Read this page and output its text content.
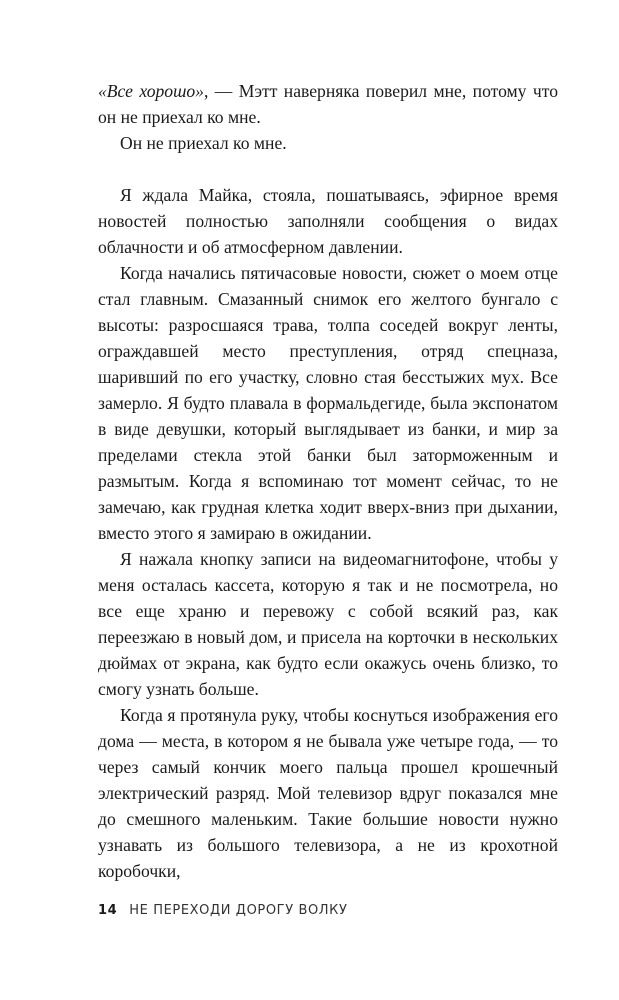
«Все хорошо», — Мэтт наверняка поверил мне, потому что он не приехал ко мне.

Он не приехал ко мне.

Я ждала Майка, стояла, пошатываясь, эфирное время новостей полностью заполняли сообщения о видах облачности и об атмосферном давлении.

Когда начались пятичасовые новости, сюжет о моем отце стал главным. Смазанный снимок его желтого бунгало с высоты: разросшаяся трава, толпа соседей вокруг ленты, ограждавшей место преступления, отряд спецназа, шаривший по его участку, словно стая бесстыжих мух. Все замерло. Я будто плавала в формальдегиде, была экспонатом в виде девушки, который выглядывает из банки, и мир за пределами стекла этой банки был заторможенным и размытым. Когда я вспоминаю тот момент сейчас, то не замечаю, как грудная клетка ходит вверх-вниз при дыхании, вместо этого я замираю в ожидании.

Я нажала кнопку записи на видеомагнитофоне, чтобы у меня осталась кассета, которую я так и не посмотрела, но все еще храню и перевожу с собой всякий раз, как переезжаю в новый дом, и присела на корточки в нескольких дюймах от экрана, как будто если окажусь очень близко, то смогу узнать больше.

Когда я протянула руку, чтобы коснуться изображения его дома — места, в котором я не бывала уже четыре года, — то через самый кончик моего пальца прошел крошечный электрический разряд. Мой телевизор вдруг показался мне до смешного маленьким. Такие большие новости нужно узнавать из большого телевизора, а не из крохотной коробочки,

14 НЕ ПЕРЕХОДИ ДОРОГУ ВОЛКУ
